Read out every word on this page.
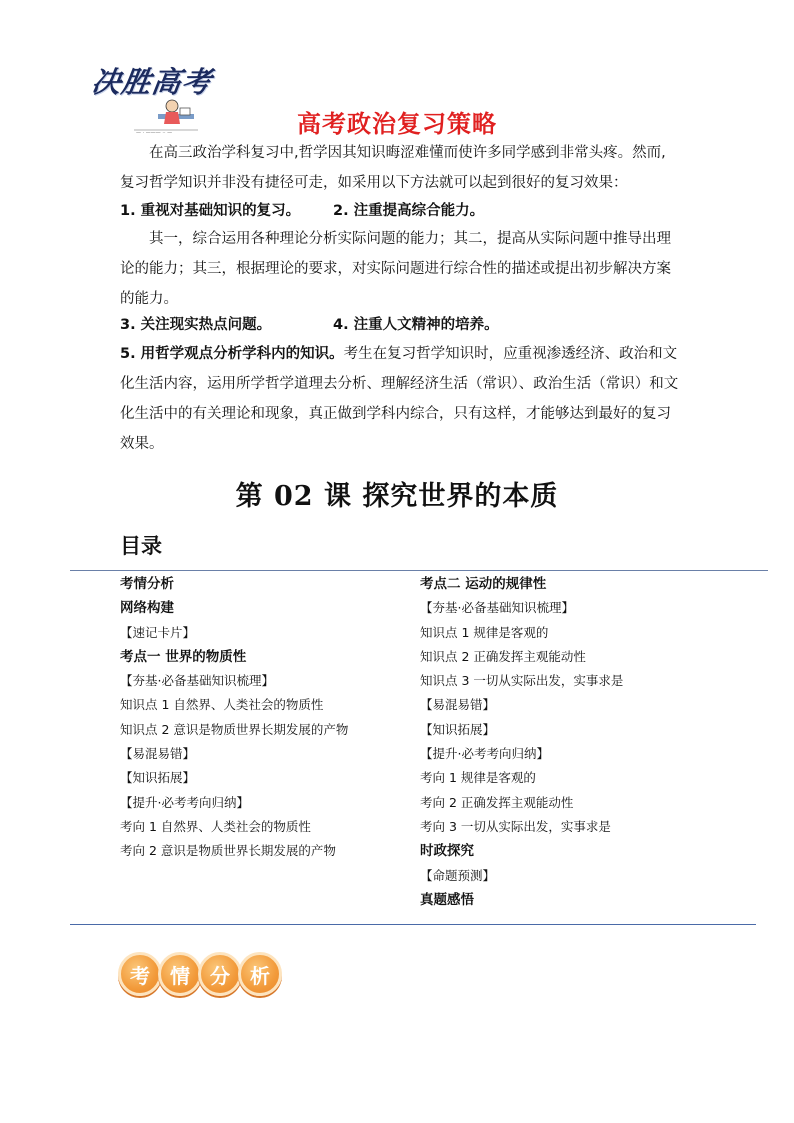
决胜高考
— · ——— ·· —	高考政治复习策略
在高三政治学科复习中,哲学因其知识晦涩难懂而使许多同学感到非常头疼。然而,复习哲学知识并非没有捷径可走，如采用以下方法就可以起到很好的复习效果：
1. 重视对基础知识的复习。 2. 注重提高综合能力。
其一，综合运用各种理论分析实际问题的能力；其二，提高从实际问题中推导出理论的能力；其三，根据理论的要求，对实际问题进行综合性的描述或提出初步解决方案的能力。
3. 关注现实热点问题。	4. 注重人文精神的培养。
5. 用哲学观点分析学科内的知识。考生在复习哲学知识时，应重视渗透经济、政治和文化生活内容，运用所学哲学道理去分析、理解经济生活（常识）、政治生活（常识）和文化生活中的有关理论和现象，真正做到学科内综合，只有这样，才能够达到最好的复习效果。
第 02 课 探究世界的本质
目录
考情分析
网络构建
【速记卡片】
考点一 世界的物质性
【夯基·必备基础知识梳理】
知识点 1 自然界、人类社会的物质性
知识点 2 意识是物质世界长期发展的产物
【易混易错】
【知识拓展】
【提升·必考考向归纳】
考向 1 自然界、人类社会的物质性
考向 2 意识是物质世界长期发展的产物
考点二 运动的规律性
【夯基·必备基础知识梳理】
知识点 1 规律是客观的
知识点 2 正确发挥主观能动性
知识点 3 一切从实际出发，实事求是
【易混易错】
【知识拓展】
【提升·必考考向归纳】
考向 1 规律是客观的
考向 2 正确发挥主观能动性
考向 3 一切从实际出发，实事求是
时政探究
【命题预测】
真题感悟
考	情	分	析
